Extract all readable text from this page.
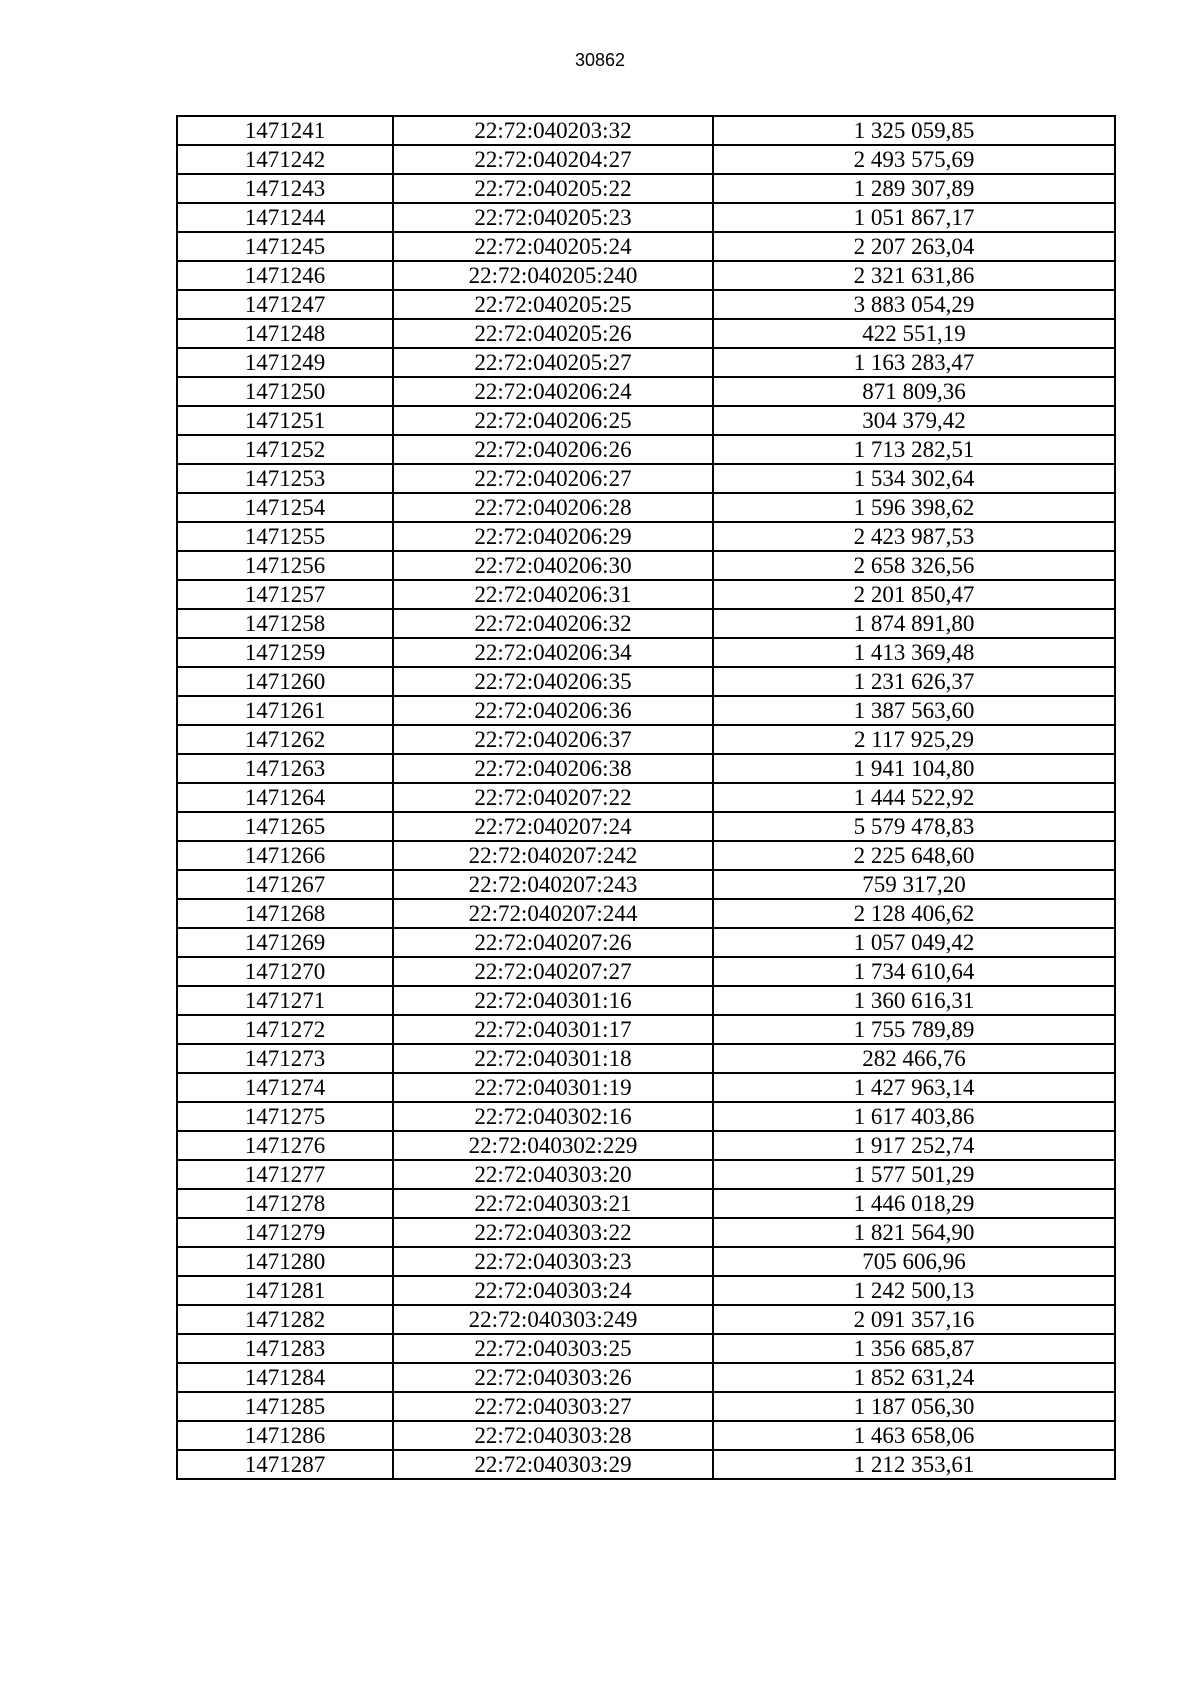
30862
1471241	22:72:040203:32	1 325 059,85
1471242	22:72:040204:27	2 493 575,69
1471243	22:72:040205:22	1 289 307,89
1471244	22:72:040205:23	1 051 867,17
1471245	22:72:040205:24	2 207 263,04
1471246	22:72:040205:240	2 321 631,86
1471247	22:72:040205:25	3 883 054,29
1471248	22:72:040205:26	422 551,19
1471249	22:72:040205:27	1 163 283,47
1471250	22:72:040206:24	871 809,36
1471251	22:72:040206:25	304 379,42
1471252	22:72:040206:26	1 713 282,51
1471253	22:72:040206:27	1 534 302,64
1471254	22:72:040206:28	1 596 398,62
1471255	22:72:040206:29	2 423 987,53
1471256	22:72:040206:30	2 658 326,56
1471257	22:72:040206:31	2 201 850,47
1471258	22:72:040206:32	1 874 891,80
1471259	22:72:040206:34	1 413 369,48
1471260	22:72:040206:35	1 231 626,37
1471261	22:72:040206:36	1 387 563,60
1471262	22:72:040206:37	2 117 925,29
1471263	22:72:040206:38	1 941 104,80
1471264	22:72:040207:22	1 444 522,92
1471265	22:72:040207:24	5 579 478,83
1471266	22:72:040207:242	2 225 648,60
1471267	22:72:040207:243	759 317,20
1471268	22:72:040207:244	2 128 406,62
1471269	22:72:040207:26	1 057 049,42
1471270	22:72:040207:27	1 734 610,64
1471271	22:72:040301:16	1 360 616,31
1471272	22:72:040301:17	1 755 789,89
1471273	22:72:040301:18	282 466,76
1471274	22:72:040301:19	1 427 963,14
1471275	22:72:040302:16	1 617 403,86
1471276	22:72:040302:229	1 917 252,74
1471277	22:72:040303:20	1 577 501,29
1471278	22:72:040303:21	1 446 018,29
1471279	22:72:040303:22	1 821 564,90
1471280	22:72:040303:23	705 606,96
1471281	22:72:040303:24	1 242 500,13
1471282	22:72:040303:249	2 091 357,16
1471283	22:72:040303:25	1 356 685,87
1471284	22:72:040303:26	1 852 631,24
1471285	22:72:040303:27	1 187 056,30
1471286	22:72:040303:28	1 463 658,06
1471287	22:72:040303:29	1 212 353,61
